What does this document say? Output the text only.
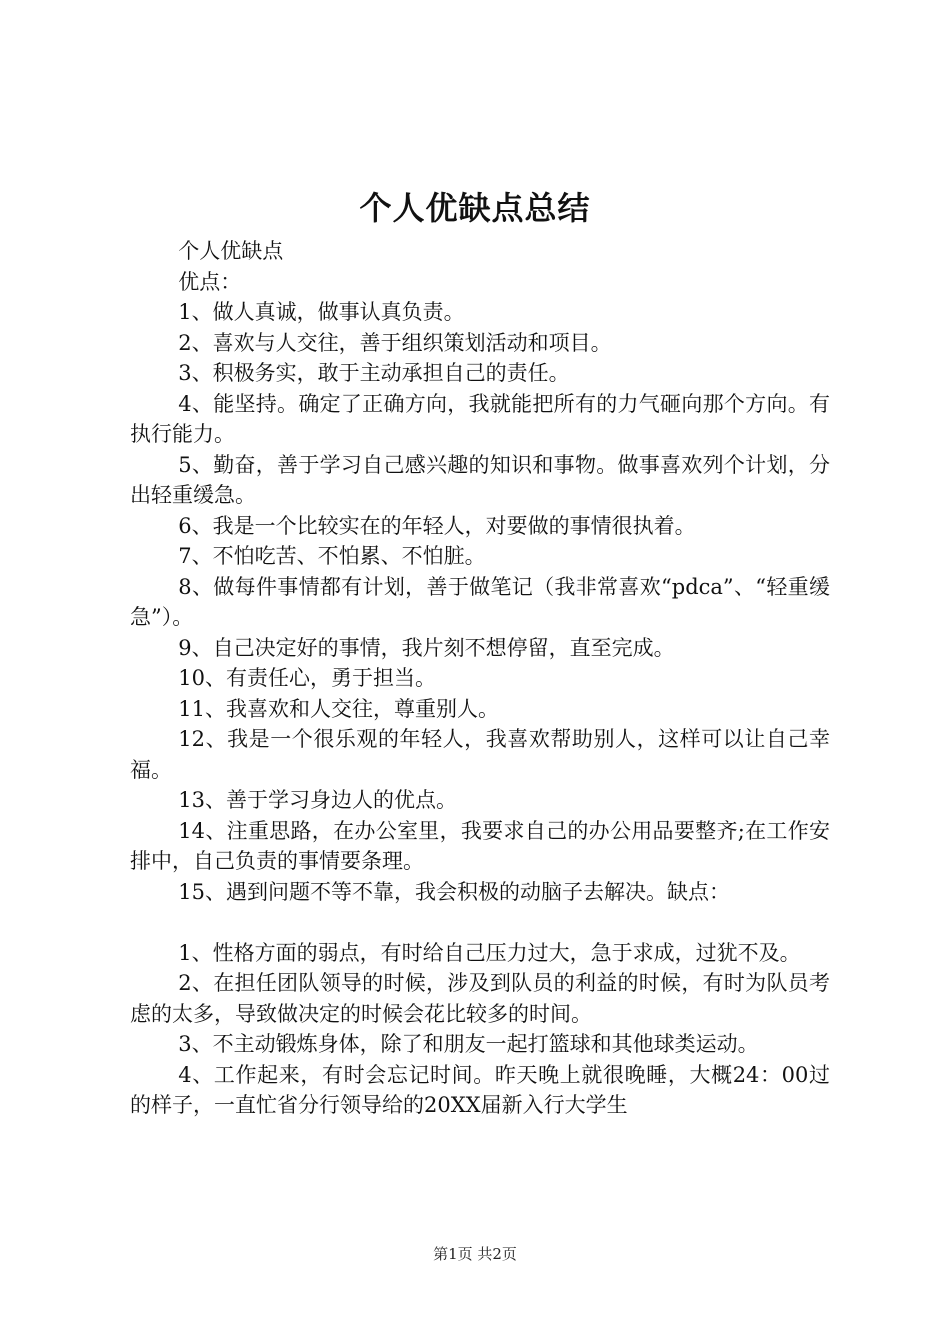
个人优缺点总结

个人优缺点

优点：

1、做人真诚，做事认真负责。

2、喜欢与人交往，善于组织策划活动和项目。

3、积极务实，敢于主动承担自己的责任。

4、能坚持。确定了正确方向，我就能把所有的力气砸向那个方向。有执行能力。

5、勤奋，善于学习自己感兴趣的知识和事物。做事喜欢列个计划，分出轻重缓急。

6、我是一个比较实在的年轻人，对要做的事情很执着。

7、不怕吃苦、不怕累、不怕脏。

8、做每件事情都有计划，善于做笔记（我非常喜欢“pdca”、“轻重缓急”）。

9、自己决定好的事情，我片刻不想停留，直至完成。

10、有责任心，勇于担当。

11、我喜欢和人交往，尊重别人。

12、我是一个很乐观的年轻人，我喜欢帮助别人，这样可以让自己幸福。

13、善于学习身边人的优点。

14、注重思路，在办公室里，我要求自己的办公用品要整齐;在工作安排中，自己负责的事情要条理。

15、遇到问题不等不靠，我会积极的动脑子去解决。缺点：

1、性格方面的弱点，有时给自己压力过大，急于求成，过犹不及。

2、在担任团队领导的时候，涉及到队员的利益的时候，有时为队员考虑的太多，导致做决定的时候会花比较多的时间。

3、不主动锻炼身体，除了和朋友一起打篮球和其他球类运动。

4、工作起来，有时会忘记时间。昨天晚上就很晚睡，大概24：00过的样子，一直忙省分行领导给的20XX届新入行大学生

第1页 共2页
